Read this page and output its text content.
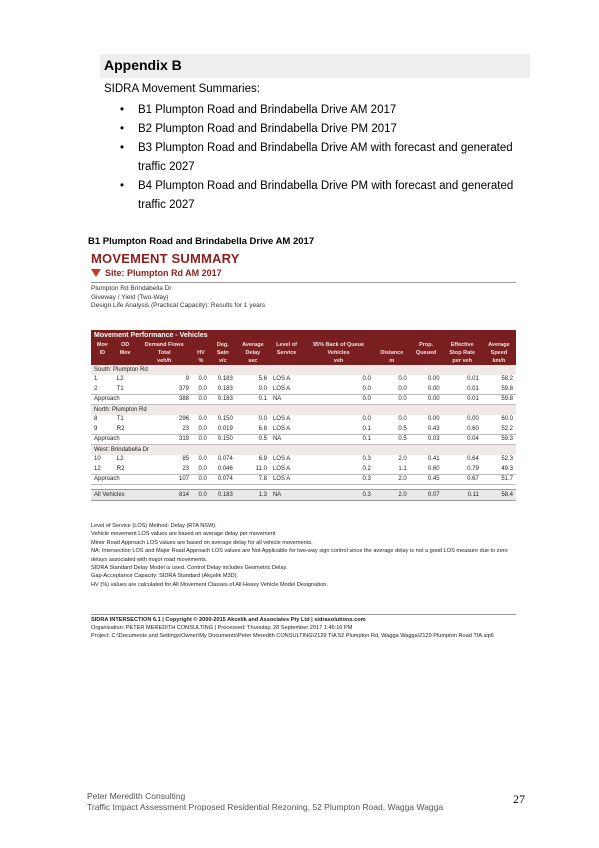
Appendix B
SIDRA Movement Summaries:
• B1 Plumpton Road and Brindabella Drive AM 2017
• B2 Plumpton Road and Brindabella Drive PM 2017
• B3 Plumpton Road and Brindabella Drive AM with forecast and generated traffic 2027
• B4 Plumpton Road and Brindabella Drive PM with forecast and generated traffic 2027
B1 Plumpton Road and Brindabella Drive AM 2017
MOVEMENT SUMMARY
Site: Plumpton Rd AM 2017
Plumpton Rd Brindabella Dr
Giveway / Yield (Two-Way)
Design Life Analysis (Practical Capacity): Results for 1 years
Movement Performance - Vehicles											
Mov	OD	Demand Flows		Deg.	Average	Level of	95% Back of Queue		Prop.	Effective	Average
ID	Mov	Total	HV	Satn	Delay	Service	Vehicles	Distance	Queued	Stop Rate	Speed
		veh/h	%	v/c	sec		veh	m		per veh	km/h
South: Plumpton Rd											
1	L2	9	0.0	0.183	5.6	LOS A	0.0	0.0	0.00	0.01	58.2
2	T1	379	0.0	0.183	0.0	LOS A	0.0	0.0	0.00	0.01	59.8
Approach		388	0.0	0.183	0.1	NA	0.0	0.0	0.00	0.01	59.8
North: Plumpton Rd											
8	T1	296	0.0	0.150	0.0	LOS A	0.0	0.0	0.00	0.00	60.0
9	R2	23	0.0	0.019	6.8	LOS A	0.1	0.5	0.43	0.60	52.2
Approach		319	0.0	0.150	0.5	NA	0.1	0.5	0.03	0.04	59.3
West: Brindabella Dr											
10	L2	85	0.0	0.074	6.9	LOS A	0.3	2.0	0.41	0.64	52.3
12	R2	23	0.0	0.046	11.0	LOS A	0.2	1.1	0.60	0.79	49.3
Approach		107	0.0	0.074	7.8	LOS A	0.3	2.0	0.45	0.67	51.7

All Vehicles		814	0.0	0.183	1.3	NA	0.3	2.0	0.07	0.11	58.4

Level of Service (LOS) Method: Delay (RTA NSW).

Vehicle movement LOS values are based on average delay per movement

Minor Road Approach LOS values are based on average delay for all vehicle movements.

NA: Intersection LOS and Major Road Approach LOS values are Not Applicable for two-way sign control since the average delay is not a good LOS measure due to zero delays associated with major road movements.

SIDRA Standard Delay Model is used. Control Delay includes Geometric Delay.

Gap-Acceptance Capacity: SIDRA Standard (Akçelik M3D).

HV (%) values are calculated for All Movement Classes of All Heavy Vehicle Model Designation.

SIDRA INTERSECTION 6.1 | Copyright © 2000-2015 Akcelik and Associates Pty Ltd | sidrasolutions.com
Organisation: PETER MEREDITH CONSULTING | Processed: Thursday, 28 September 2017 1:46:16 PM
Project: C:\Documents and Settings\Owner\My Documents\Peter Meredith CONSULTING\2129 TIA 52 Plumpton Rd, Wagga Wagga\2129 Plumpton Road TIA.sip6
Peter Meredith Consulting
Traffic Impact Assessment Proposed Residential Rezoning, 52 Plumpton Road, Wagga Wagga
27
